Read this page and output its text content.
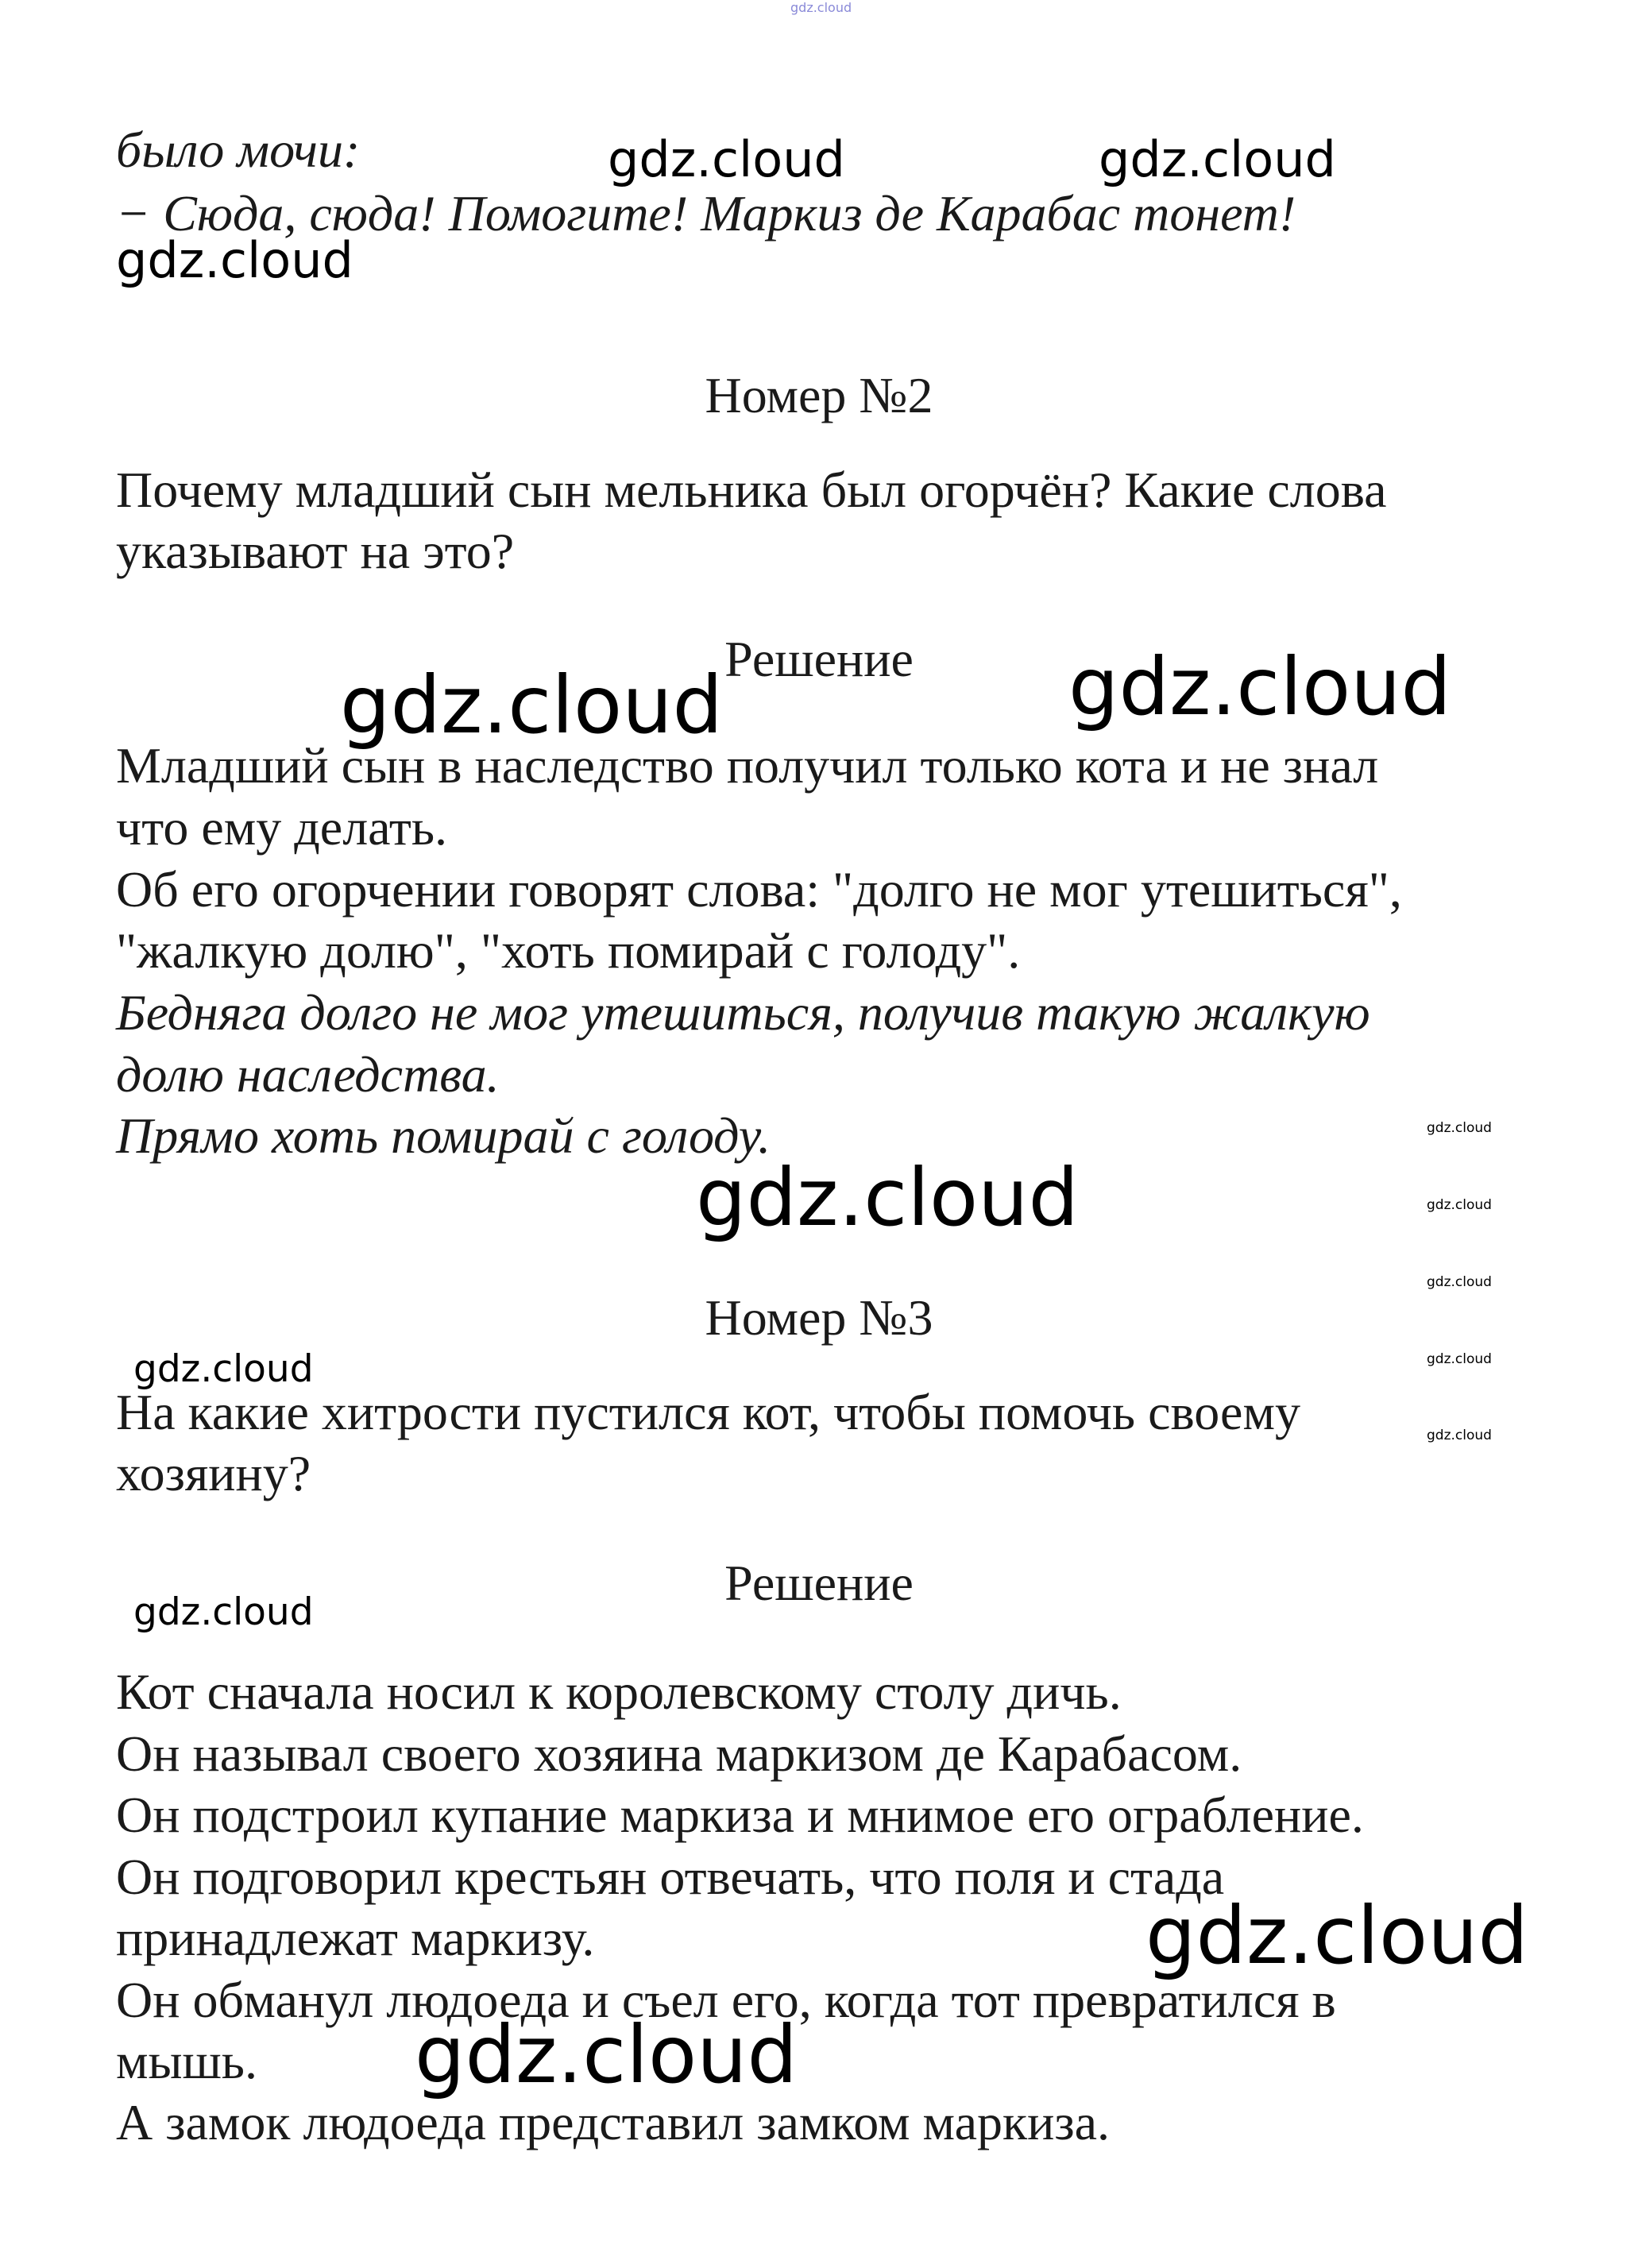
gdz.cloud
gdz.cloud	gdz.cloud
gdz.cloud
gdz.cloud	gdz.cloud
gdz.cloud
gdz.cloud
gdz.cloud
gdz.cloud
gdz.cloud
gdz.cloud
gdz.cloud
gdz.cloud
gdz.cloud
gdz.cloud
было мочи:
− Сюда, сюда! Помогите! Маркиз де Карабас тонет!
Номер №2
Почему младший сын мельника был огорчён? Какие слова
указывают на это?
Решение
Младший сын в наследство получил только кота и не знал
что ему делать.
Об его огорчении говорят слова: "долго не мог утешиться",
"жалкую долю", "хоть помирай с голоду".
Бедняга долго не мог утешиться, получив такую жалкую
долю наследства.
Прямо хоть помирай с голоду.
Номер №3
На какие хитрости пустился кот, чтобы помочь своему
хозяину?
Решение
Кот сначала носил к королевскому столу дичь.
Он называл своего хозяина маркизом де Карабасом.
Он подстроил купание маркиза и мнимое его ограбление.
Он подговорил крестьян отвечать, что поля и стада
принадлежат маркизу.
Он обманул людоеда и съел его, когда тот превратился в
мышь.
А замок людоеда представил замком маркиза.
